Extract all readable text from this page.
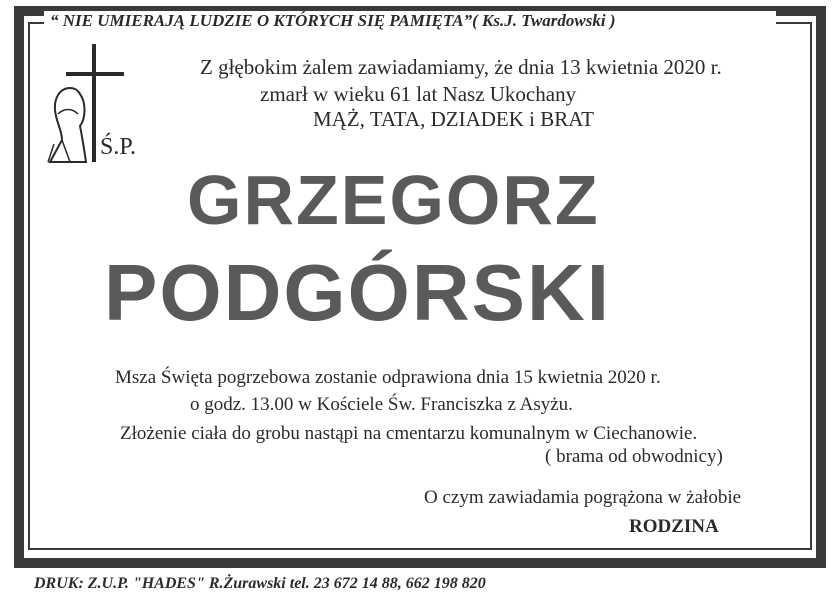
“ NIE UMIERAJĄ LUDZIE O KTÓRYCH SIĘ PAMIĘTA”( Ks.J. Twardowski )
Ś.P.
Z głębokim żalem zawiadamiamy, że dnia 13 kwietnia 2020 r.
zmarł w wieku 61 lat Nasz Ukochany
MĄŻ, TATA, DZIADEK i BRAT
GRZEGORZ
PODGÓRSKI
Msza Święta pogrzebowa zostanie odprawiona dnia 15 kwietnia 2020 r.
o godz. 13.00 w Kościele Św. Franciszka z Asyżu.
Złożenie ciała do grobu nastąpi na cmentarzu komunalnym w Ciechanowie.
( brama od obwodnicy)
O czym zawiadamia pogrążona w żałobie
RODZINA
DRUK: Z.U.P. "HADES" R.Żurawski tel. 23 672 14 88, 662 198 820
